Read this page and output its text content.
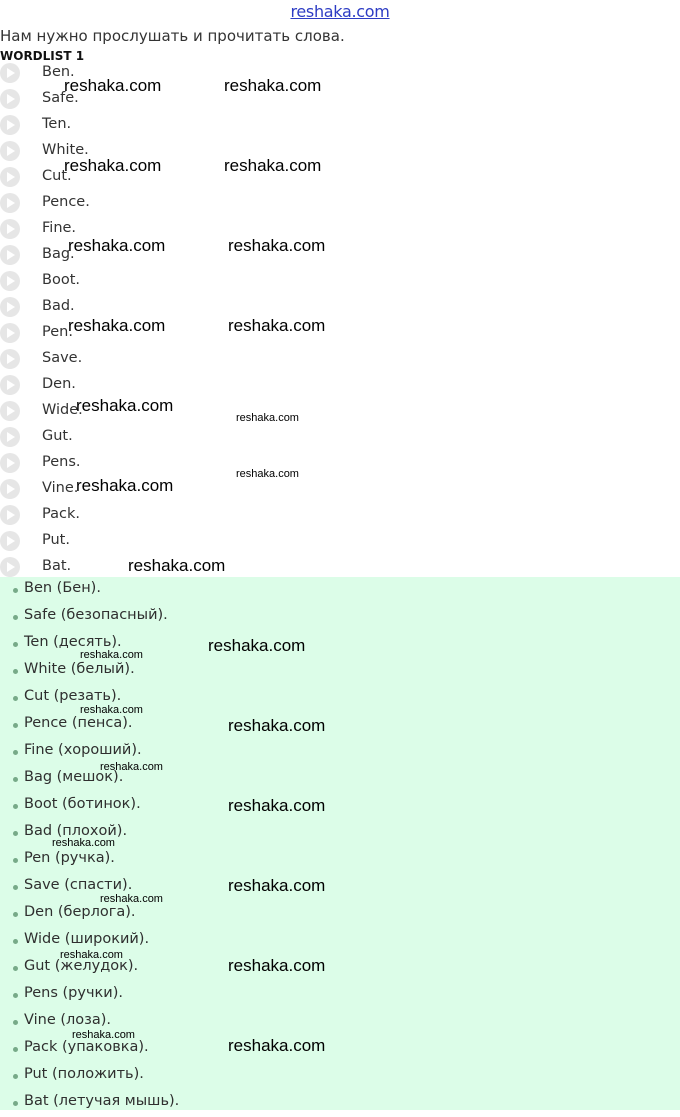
reshaka.com
Нам нужно прослушать и прочитать слова.
WORDLIST 1
Ben.
Safe.
Ten.
White.
Cut.
Pence.
Fine.
Bag.
Boot.
Bad.
Pen.
Save.
Den.
Wide.
Gut.
Pens.
Vine.
Pack.
Put.
Bat.
Ben (Бен).
Safe (безопасный).
Ten (десять).
White (белый).
Cut (резать).
Pence (пенса).
Fine (хороший).
Bag (мешок).
Boot (ботинок).
Bad (плохой).
Pen (ручка).
Save (спасти).
Den (берлога).
Wide (широкий).
Gut (желудок).
Pens (ручки).
Vine (лоза).
Pack (упаковка).
Put (положить).
Bat (летучая мышь).
reshaka.com	reshaka.com
reshaka.com	reshaka.com
reshaka.com	reshaka.com
reshaka.com	reshaka.com
reshaka.com
reshaka.com
reshaka.com
reshaka.com
reshaka.com
reshaka.com
reshaka.com
reshaka.com
reshaka.com
reshaka.com
reshaka.com
reshaka.com
reshaka.com
reshaka.com
reshaka.com
reshaka.com
reshaka.com
reshaka.com
